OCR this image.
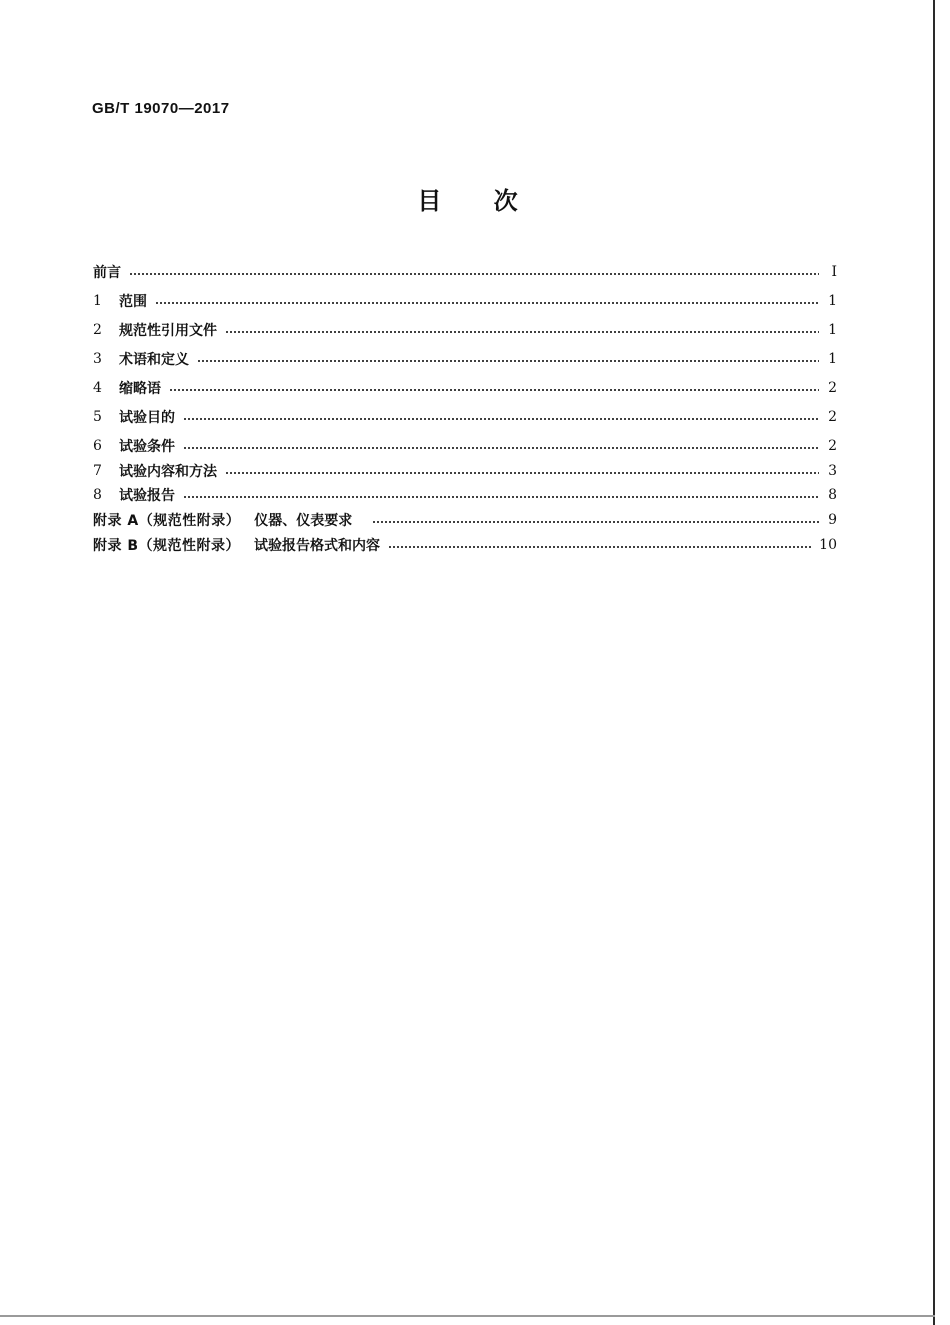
GB/T 19070—2017
目 次
前言	Ⅰ
1	范围	1
2	规范性引用文件	1
3	术语和定义	1
4	缩略语	2
5	试验目的	2
6	试验条件	2
7	试验内容和方法	3
8	试验报告	8
附录 A（规范性附录） 仪器、仪表要求	9
附录 B（规范性附录） 试验报告格式和内容	10
